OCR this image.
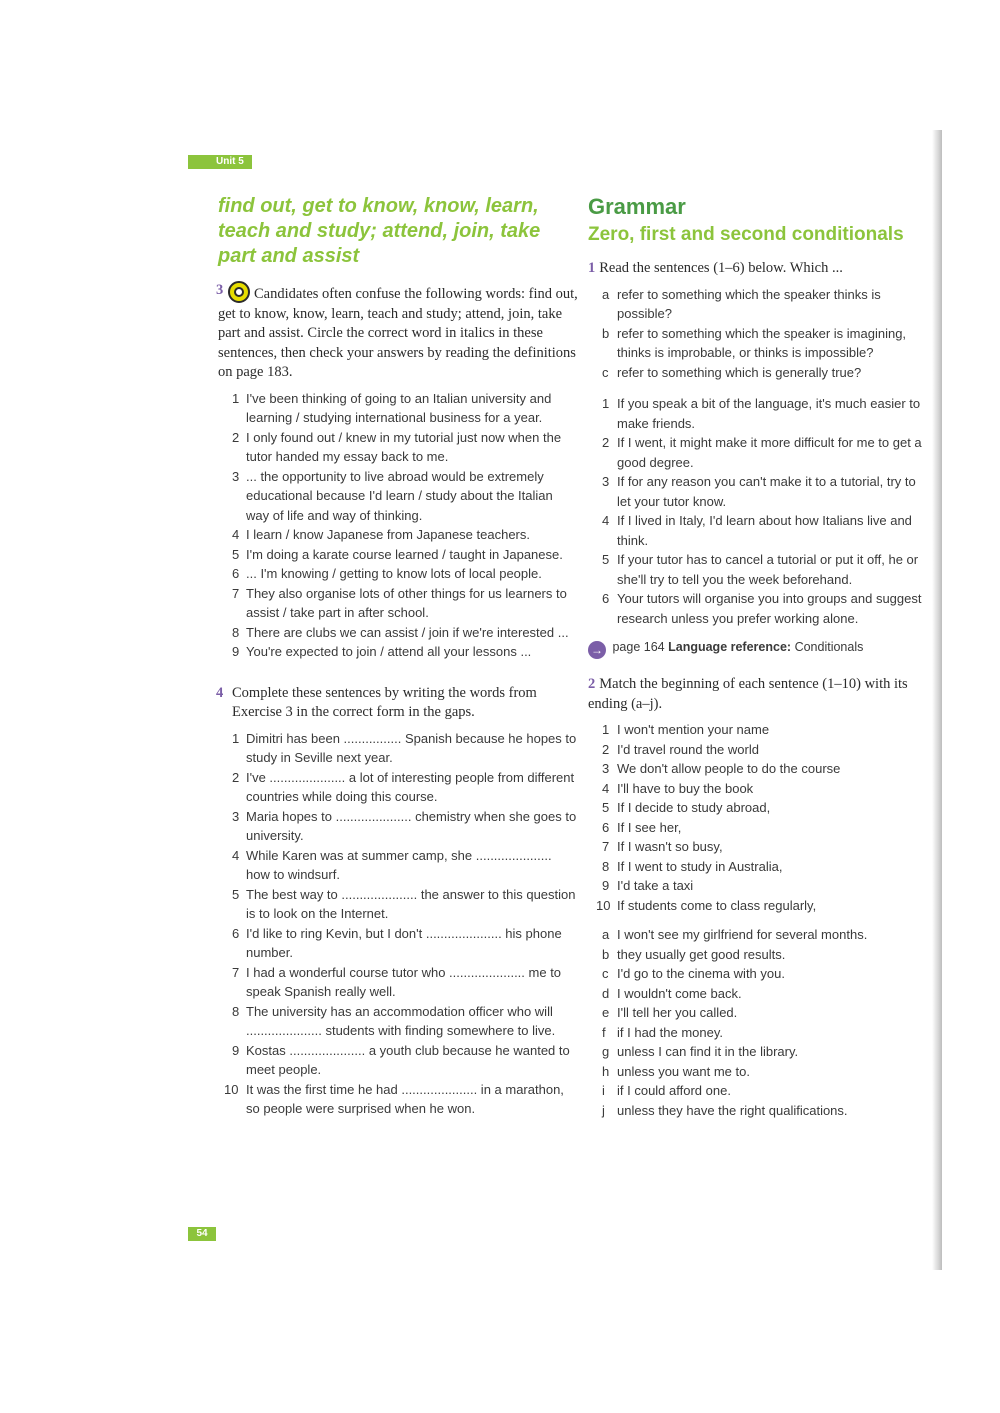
Unit 5
find out, get to know, know, learn, teach and study; attend, join, take part and assist
3 Candidates often confuse the following words: find out, get to know, know, learn, teach and study; attend, join, take part and assist. Circle the correct word in italics in these sentences, then check your answers by reading the definitions on page 183.
1 I've been thinking of going to an Italian university and learning / studying international business for a year.
2 I only found out / knew in my tutorial just now when the tutor handed my essay back to me.
3 ... the opportunity to live abroad would be extremely educational because I'd learn / study about the Italian way of life and way of thinking.
4 I learn / know Japanese from Japanese teachers.
5 I'm doing a karate course learned / taught in Japanese.
6 ... I'm knowing / getting to know lots of local people.
7 They also organise lots of other things for us learners to assist / take part in after school.
8 There are clubs we can assist / join if we're interested ...
9 You're expected to join / attend all your lessons ...
4 Complete these sentences by writing the words from Exercise 3 in the correct form in the gaps.
1 Dimitri has been ................ Spanish because he hopes to study in Seville next year.
2 I've ..................... a lot of interesting people from different countries while doing this course.
3 Maria hopes to ..................... chemistry when she goes to university.
4 While Karen was at summer camp, she ..................... how to windsurf.
5 The best way to ..................... the answer to this question is to look on the Internet.
6 I'd like to ring Kevin, but I don't ..................... his phone number.
7 I had a wonderful course tutor who ..................... me to speak Spanish really well.
8 The university has an accommodation officer who will ..................... students with finding somewhere to live.
9 Kostas ..................... a youth club because he wanted to meet people.
10 It was the first time he had ..................... in a marathon, so people were surprised when he won.
Grammar
Zero, first and second conditionals
1 Read the sentences (1–6) below. Which ...
a refer to something which the speaker thinks is possible?
b refer to something which the speaker is imagining, thinks is improbable, or thinks is impossible?
c refer to something which is generally true?
1 If you speak a bit of the language, it's much easier to make friends.
2 If I went, it might make it more difficult for me to get a good degree.
3 If for any reason you can't make it to a tutorial, try to let your tutor know.
4 If I lived in Italy, I'd learn about how Italians live and think.
5 If your tutor has to cancel a tutorial or put it off, he or she'll try to tell you the week beforehand.
6 Your tutors will organise you into groups and suggest research unless you prefer working alone.
→ page 164 Language reference: Conditionals
2 Match the beginning of each sentence (1–10) with its ending (a–j).
1 I won't mention your name
2 I'd travel round the world
3 We don't allow people to do the course
4 I'll have to buy the book
5 If I decide to study abroad,
6 If I see her,
7 If I wasn't so busy,
8 If I went to study in Australia,
9 I'd take a taxi
10 If students come to class regularly,
a I won't see my girlfriend for several months.
b they usually get good results.
c I'd go to the cinema with you.
d I wouldn't come back.
e I'll tell her you called.
f if I had the money.
g unless I can find it in the library.
h unless you want me to.
i if I could afford one.
j unless they have the right qualifications.
54
